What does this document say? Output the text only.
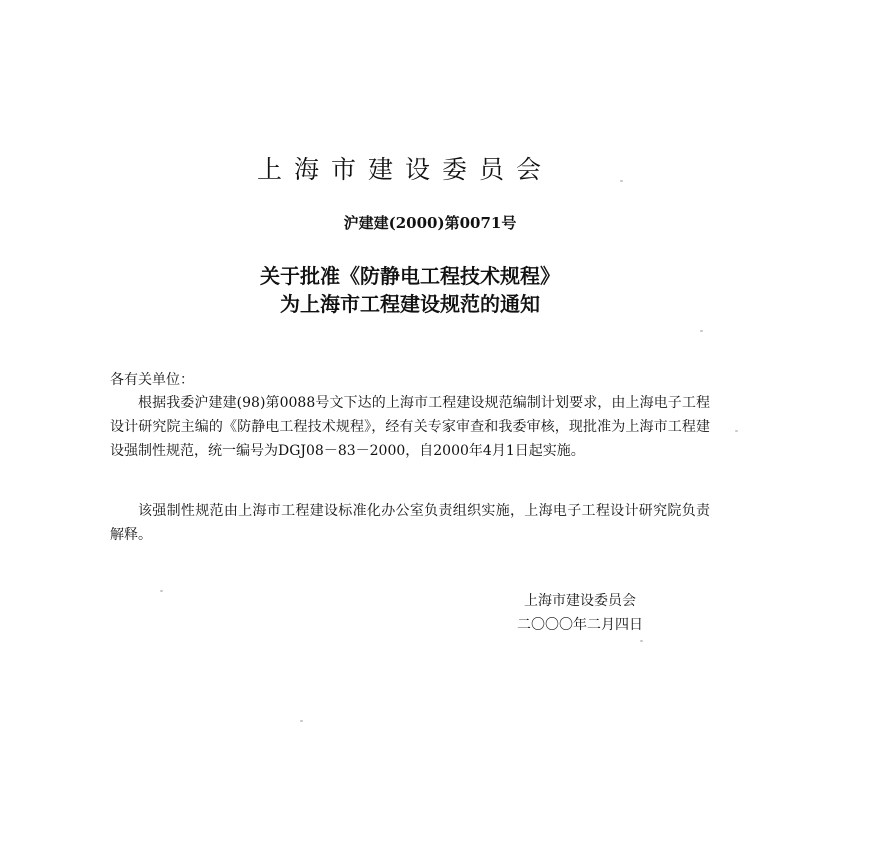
上海市建设委员会
沪建建(2000)第0071号
关于批准《防静电工程技术规程》
为上海市工程建设规范的通知
各有关单位：
根据我委沪建建(98)第0088号文下达的上海市工程建设规范编制计划要求，由上海电子工程设计研究院主编的《防静电工程技术规程》，经有关专家审查和我委审核，现批准为上海市工程建设强制性规范，统一编号为DGJ08－83－2000，自2000年4月1日起实施。
该强制性规范由上海市工程建设标准化办公室负责组织实施，上海电子工程设计研究院负责解释。
上海市建设委员会
二〇〇〇年二月四日
